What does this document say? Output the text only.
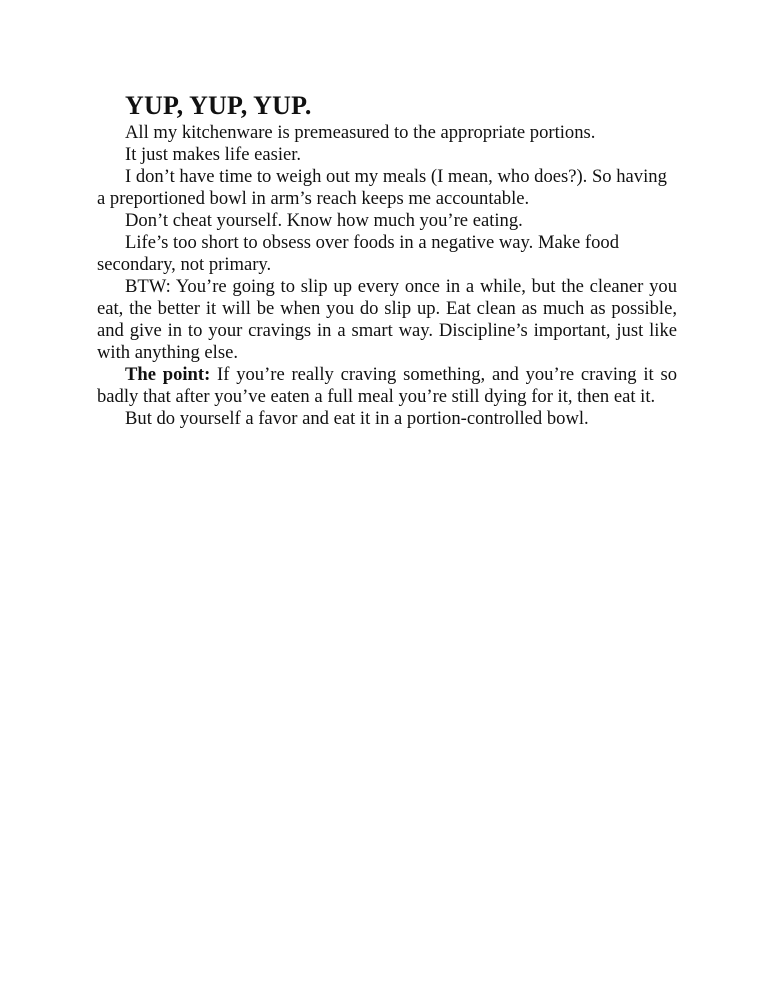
YUP, YUP, YUP.

All my kitchenware is premeasured to the appropriate portions.

It just makes life easier.

I don’t have time to weigh out my meals (I mean, who does?). So having a preportioned bowl in arm’s reach keeps me accountable.

Don’t cheat yourself. Know how much you’re eating.

Life’s too short to obsess over foods in a negative way. Make food secondary, not primary.

BTW: You’re going to slip up every once in a while, but the cleaner you eat, the better it will be when you do slip up. Eat clean as much as possible, and give in to your cravings in a smart way. Discipline’s important, just like with anything else.

The point: If you’re really craving something, and you’re craving it so badly that after you’ve eaten a full meal you’re still dying for it, then eat it.

But do yourself a favor and eat it in a portion-controlled bowl.
